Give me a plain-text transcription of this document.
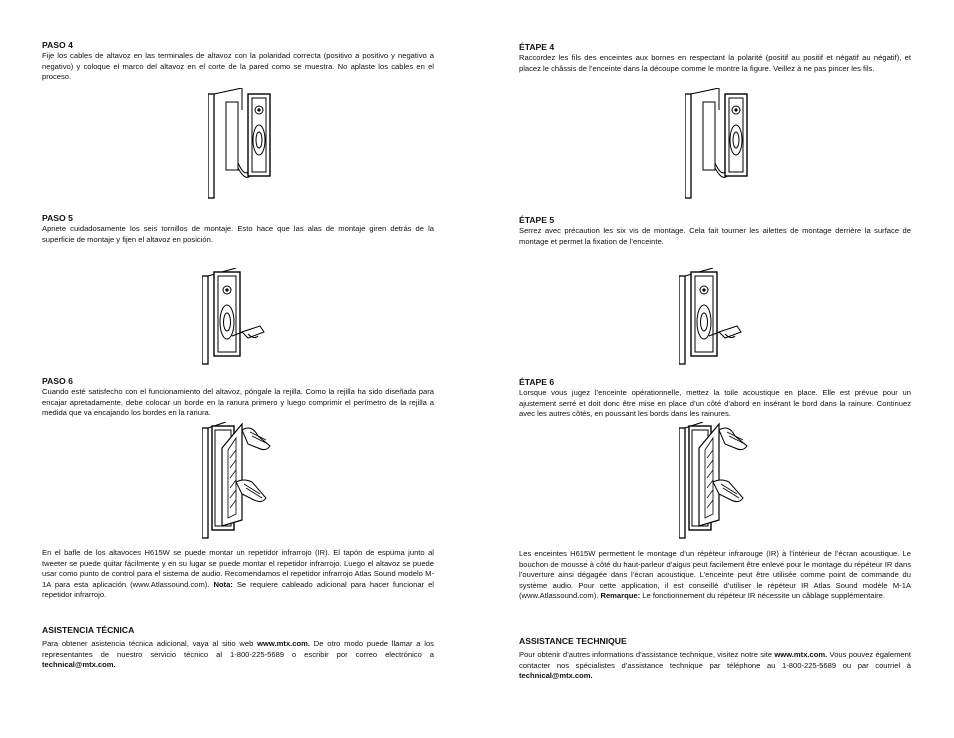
PASO 4

Fije los cables de altavoz en las terminales de altavoz con la polaridad correcta (positivo a positivo y negativo a negativo) y coloque el marco del altavoz en el corte de la pared como se muestra. No aplaste los cables en el proceso.

PASO 5

Apriete cuidadosamente los seis tornillos de montaje. Esto hace que las alas de montaje giren detrás de la superficie de montaje y fijen el altavoz en posición.

PASO 6

Cuando esté satisfecho con el funcionamiento del altavoz, póngale la rejilla. Como la rejilla ha sido diseñada para encajar apretadamente, debe colocar un borde en la ranura primero y luego comprimir el perímetro de la rejilla a medida que va encajando los bordes en la ranura.

En el bafle de los altavoces H615W se puede montar un repetidor infrarrojo (IR). El tapón de espuma junto al tweeter se puede quitar fácilmente y en su lugar se puede montar el repetidor infrarrojo. Luego el altavoz se puede usar como punto de control para el sistema de audio. Recomendamos el repetidor infrarrojo Atlas Sound modelo M-1A para esta aplicación (www.Atlassound.com). Nota: Se requiere cableado adicional para hacer funcionar el repetidor infrarrojo.

ASISTENCIA TÉCNICA

Para obtener asistencia técnica adicional, vaya al sitio web www.mtx.com. De otro modo puede llamar a los representantes de nuestro servicio técnico al 1-800-225-5689 o escribir por correo electrónico a technical@mtx.com.

ÉTAPE 4

Raccordez les fils des enceintes aux bornes en respectant la polarité (positif au positif et négatif au négatif), et placez le châssis de l’enceinte dans la découpe comme le montre la figure. Veillez à ne pas pincer les fils.

ÉTAPE 5

Serrez avec précaution les six vis de montage. Cela fait tourner les ailettes de montage derrière la surface de montage et permet la fixation de l’enceinte.

ÉTAPE 6

Lorsque vous jugez l’enceinte opérationnelle, mettez la toile acoustique en place. Elle est prévue pour un ajustement serré et doit donc être mise en place d’un côté d’abord en insérant le bord dans la rainure. Continuez avec les autres côtés, en poussant les bords dans les rainures.

Les enceintes H615W permettent le montage d’un répéteur infrarouge (IR) à l’intérieur de l’écran acoustique. Le bouchon de mousse à côté du haut-parleur d’aigus peut facilement être enlevé pour le montage du répéteur IR dans l’ouverture ainsi dégagée dans l’écran acoustique. L’enceinte peut être utilisée comme point de commande du système audio. Pour cette application, il est conseillé d’utiliser le répéteur IR Atlas Sound modèle M-1A (www.Atlassound.com). Remarque: Le fonctionnement du répéteur IR nécessite un câblage supplémentaire.

ASSISTANCE TECHNIQUE

Pour obtenir d’autres informations d’assistance technique, visitez notre site www.mtx.com. Vous pouvez également contacter nos spécialistes d’assistance technique par téléphone au 1-800-225-5689 ou par courriel à technical@mtx.com.
